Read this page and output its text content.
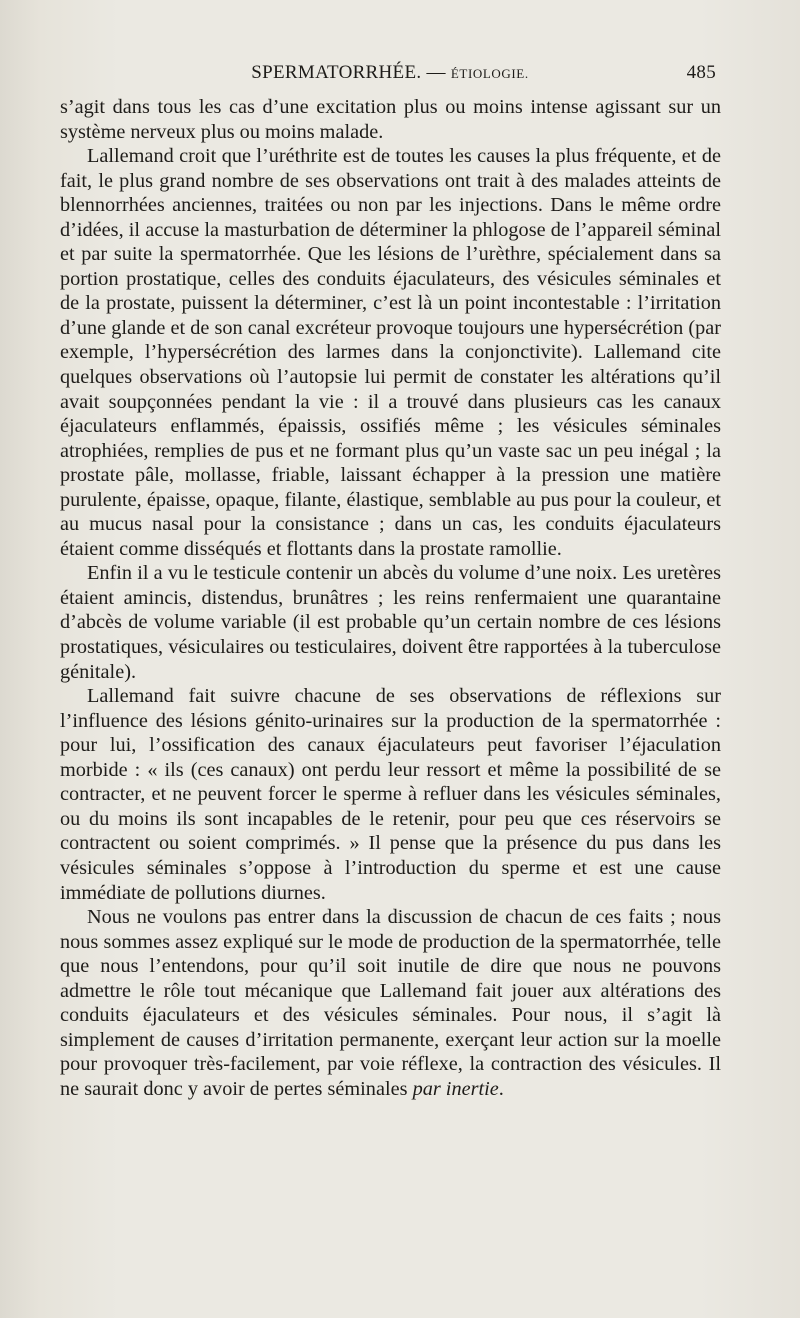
SPERMATORRHÉE. — ÉTIOLOGIE.	485

s’agit dans tous les cas d’une excitation plus ou moins intense agissant sur un système nerveux plus ou moins malade.

Lallemand croit que l’uréthrite est de toutes les causes la plus fréquente, et de fait, le plus grand nombre de ses observations ont trait à des malades atteints de blennorrhées anciennes, traitées ou non par les injections. Dans le même ordre d’idées, il accuse la masturbation de déterminer la phlogose de l’appareil séminal et par suite la spermatorrhée. Que les lésions de l’urèthre, spécialement dans sa portion prostatique, celles des conduits éjaculateurs, des vésicules séminales et de la prostate, puissent la déterminer, c’est là un point incontestable : l’irritation d’une glande et de son canal excréteur provoque toujours une hypersécrétion (par exemple, l’hypersécrétion des larmes dans la conjonctivite). Lallemand cite quelques observations où l’autopsie lui permit de constater les altérations qu’il avait soupçonnées pendant la vie : il a trouvé dans plusieurs cas les canaux éjaculateurs enflammés, épaissis, ossifiés même ; les vésicules séminales atrophiées, remplies de pus et ne formant plus qu’un vaste sac un peu inégal ; la prostate pâle, mollasse, friable, laissant échapper à la pression une matière purulente, épaisse, opaque, filante, élastique, semblable au pus pour la couleur, et au mucus nasal pour la consistance ; dans un cas, les conduits éjaculateurs étaient comme disséqués et flottants dans la prostate ramollie.

Enfin il a vu le testicule contenir un abcès du volume d’une noix. Les uretères étaient amincis, distendus, brunâtres ; les reins renfermaient une quarantaine d’abcès de volume variable (il est probable qu’un certain nombre de ces lésions prostatiques, vésiculaires ou testiculaires, doivent être rapportées à la tuberculose génitale).

Lallemand fait suivre chacune de ses observations de réflexions sur l’influence des lésions génito-urinaires sur la production de la spermatorrhée : pour lui, l’ossification des canaux éjaculateurs peut favoriser l’éjaculation morbide : « ils (ces canaux) ont perdu leur ressort et même la possibilité de se contracter, et ne peuvent forcer le sperme à refluer dans les vésicules séminales, ou du moins ils sont incapables de le retenir, pour peu que ces réservoirs se contractent ou soient comprimés. » Il pense que la présence du pus dans les vésicules séminales s’oppose à l’introduction du sperme et est une cause immédiate de pollutions diurnes.

Nous ne voulons pas entrer dans la discussion de chacun de ces faits ; nous nous sommes assez expliqué sur le mode de production de la spermatorrhée, telle que nous l’entendons, pour qu’il soit inutile de dire que nous ne pouvons admettre le rôle tout mécanique que Lallemand fait jouer aux altérations des conduits éjaculateurs et des vésicules séminales. Pour nous, il s’agit là simplement de causes d’irritation permanente, exerçant leur action sur la moelle pour provoquer très-facilement, par voie réflexe, la contraction des vésicules. Il ne saurait donc y avoir de pertes séminales par inertie.
